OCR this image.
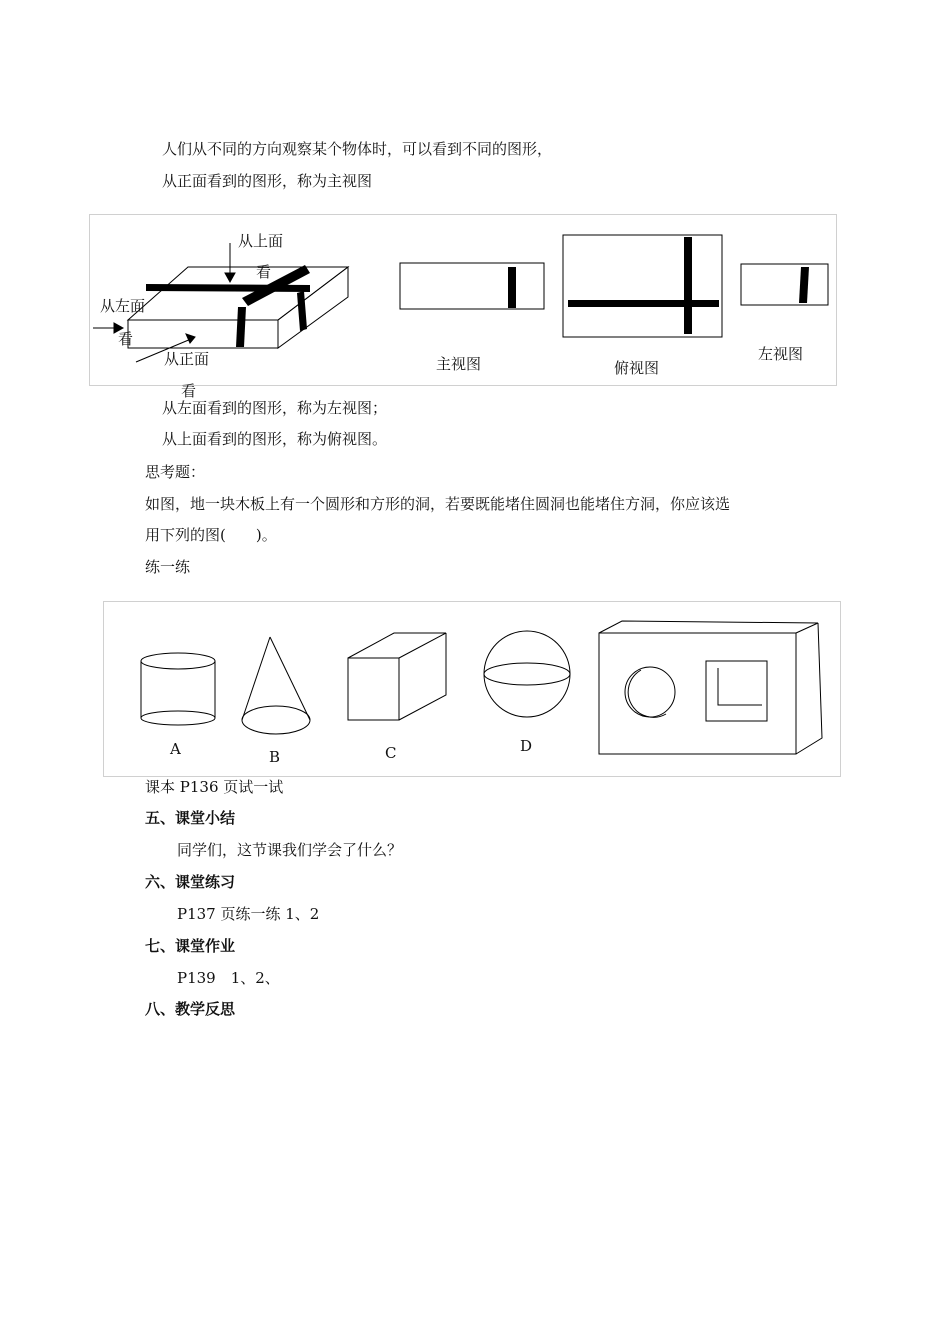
人们从不同的方向观察某个物体时，可以看到不同的图形，
从正面看到的图形，称为主视图
从上面
看
从左面
看
从正面
看
主视图	俯视图
左视图
从左面看到的图形，称为左视图；
从上面看到的图形，称为俯视图。
思考题：
如图，地一块木板上有一个圆形和方形的洞，若要既能堵住圆洞也能堵住方洞，你应该选
用下列的图(　　)。
练一练
A	B	C	D
课本 P136 页试一试
五、课堂小结
同学们，这节课我们学会了什么？
六、课堂练习
P137 页练一练 1、2
七、课堂作业
P139　1、2、
八、教学反思
